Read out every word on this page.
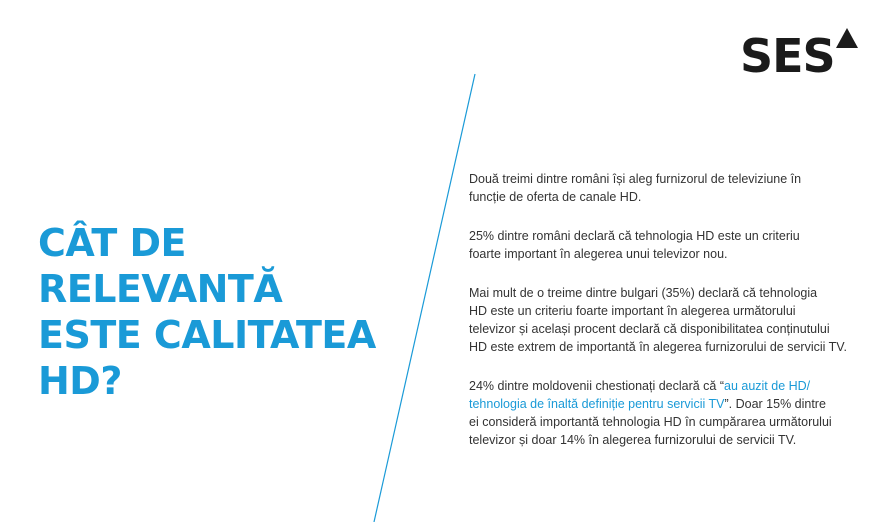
SES
CÂT DE
RELEVANTĂ
ESTE CALITATEA
HD?

Două treimi dintre români își aleg furnizorul de televiziune în
funcție de oferta de canale HD.

25% dintre români declară că tehnologia HD este un criteriu
foarte important în alegerea unui televizor nou.

Mai mult de o treime dintre bulgari (35%) declară că tehnologia
HD este un criteriu foarte important în alegerea următorului
televizor și același procent declară că disponibilitatea conținutului
HD este extrem de importantă în alegerea furnizorului de servicii TV.

24% dintre moldovenii chestionați declară că “au auzit de HD/
tehnologia de înaltă definiție pentru servicii TV”. Doar 15% dintre
ei consideră importantă tehnologia HD în cumpărarea următorului
televizor și doar 14% în alegerea furnizorului de servicii TV.
